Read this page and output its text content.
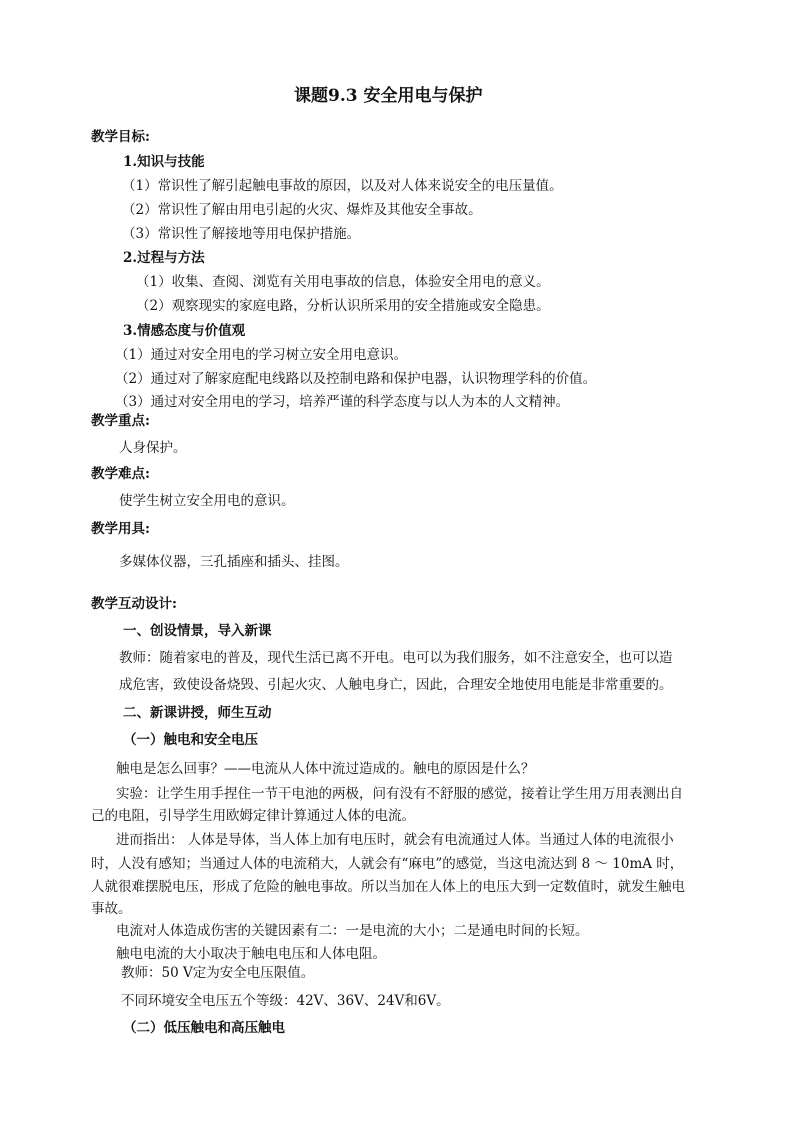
课题9.3 安全用电与保护
教学目标:
1.知识与技能
（1）常识性了解引起触电事故的原因，以及对人体来说安全的电压量值。
（2）常识性了解由用电引起的火灾、爆炸及其他安全事故。
（3）常识性了解接地等用电保护措施。
2.过程与方法
（1）收集、查阅、浏览有关用电事故的信息，体验安全用电的意义。
（2）观察现实的家庭电路，分析认识所采用的安全措施或安全隐患。
3.情感态度与价值观
（1）通过对安全用电的学习树立安全用电意识。
（2）通过对了解家庭配电线路以及控制电路和保护电器，认识物理学科的价值。
（3）通过对安全用电的学习，培养严谨的科学态度与以人为本的人文精神。
教学重点:
人身保护。
教学难点:
使学生树立安全用电的意识。
教学用具:
多媒体仪器，三孔插座和插头、挂图。
教学互动设计:
一、创设情景，导入新课
教师：随着家电的普及，现代生活已离不开电。电可以为我们服务，如不注意安全，也可以造
成危害，致使设备烧毁、引起火灾、人触电身亡，因此，合理安全地使用电能是非常重要的。
二、新课讲授，师生互动
（一）触电和安全电压
触电是怎么回事？——电流从人体中流过造成的。触电的原因是什么？
实验：让学生用手捏住一节干电池的两极，问有没有不舒服的感觉，接着让学生用万用表测出自
己的电阻，引导学生用欧姆定律计算通过人体的电流。
进而指出： 人体是导体，当人体上加有电压时，就会有电流通过人体。当通过人体的电流很小
时，人没有感知；当通过人体的电流稍大，人就会有“麻电”的感觉，当这电流达到 8 ～ 10mA 时，
人就很难摆脱电压，形成了危险的触电事故。所以当加在人体上的电压大到一定数值时，就发生触电
事故。
电流对人体造成伤害的关键因素有二：一是电流的大小；二是通电时间的长短。
触电电流的大小取决于触电电压和人体电阻。
教师：50 V定为安全电压限值。
不同环境安全电压五个等级：42V、36V、24V和6V。
（二）低压触电和高压触电
